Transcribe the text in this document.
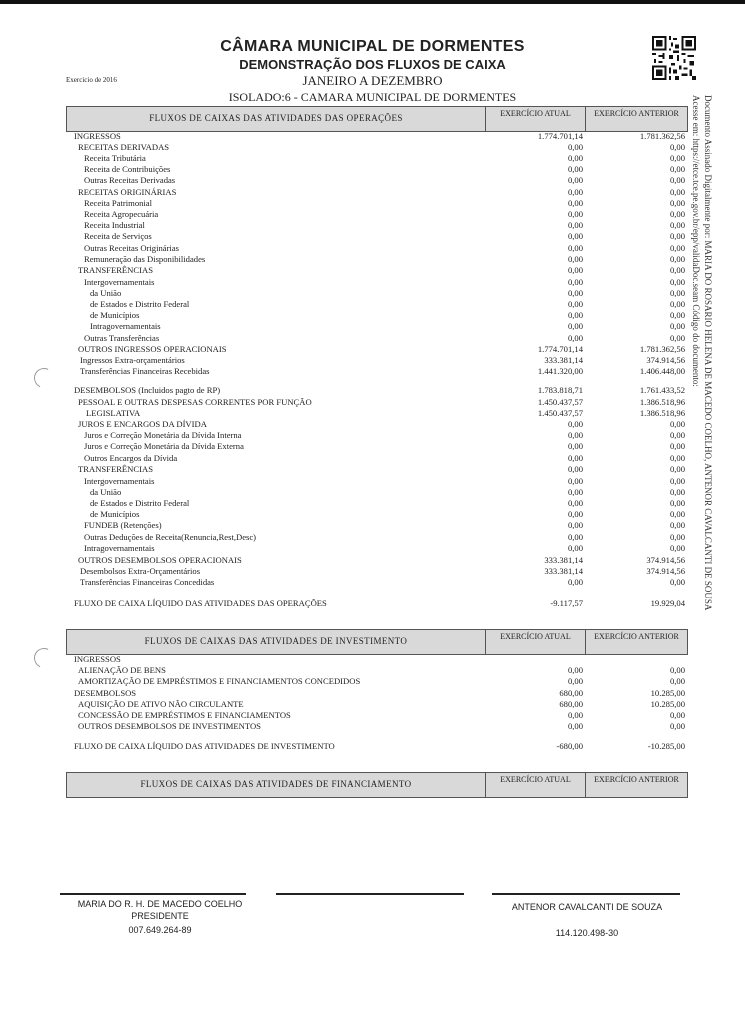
CÂMARA MUNICIPAL DE DORMENTES
DEMONSTRAÇÃO DOS FLUXOS DE CAIXA
JANEIRO A DEZEMBRO
ISOLADO:6 - CAMARA MUNICIPAL DE DORMENTES
Exercicio de 2016
Documento Assinado Digitalmente por: MARIA DO ROSARIO HELENA DE MACEDO COELHO, ANTENOR CAVALCANTI DE SOUSA
Acesse em: https://etce.tce.pe.gov.br/epp/validaDoc.seam Código do documento:
FLUXOS DE CAIXAS DAS ATIVIDADES DAS OPERAÇÕES	EXERCÍCIO ATUAL	EXERCÍCIO ANTERIOR
INGRESSOS	1.774.701,14	1.781.362,56
RECEITAS DERIVADAS	0,00	0,00
Receita Tributária	0,00	0,00
Receita de Contribuições	0,00	0,00
Outras Receitas Derivadas	0,00	0,00
RECEITAS ORIGINÁRIAS	0,00	0,00
Receita Patrimonial	0,00	0,00
Receita Agropecuária	0,00	0,00
Receita Industrial	0,00	0,00
Receita de Serviços	0,00	0,00
Outras Receitas Originárias	0,00	0,00
Remuneração das Disponibilidades	0,00	0,00
TRANSFERÊNCIAS	0,00	0,00
Intergovernamentais	0,00	0,00
da União	0,00	0,00
de Estados e Distrito Federal	0,00	0,00
de Municípios	0,00	0,00
Intragovernamentais	0,00	0,00
Outras Transferências	0,00	0,00
OUTROS INGRESSOS OPERACIONAIS	1.774.701,14	1.781.362,56
Ingressos Extra-orçamentários	333.381,14	374.914,56
Transferências Financeiras Recebidas	1.441.320,00	1.406.448,00
DESEMBOLSOS (Incluidos pagto de RP)	1.783.818,71	1.761.433,52
PESSOAL E OUTRAS DESPESAS CORRENTES POR FUNÇÃO	1.450.437,57	1.386.518,96
LEGISLATIVA	1.450.437,57	1.386.518,96
JUROS E ENCARGOS DA DÍVIDA	0,00	0,00
Juros e Correção Monetária da Dívida Interna	0,00	0,00
Juros e Correção Monetária da Dívida Externa	0,00	0,00
Outros Encargos da Dívida	0,00	0,00
TRANSFERÊNCIAS	0,00	0,00
Intergovernamentais	0,00	0,00
da União	0,00	0,00
de Estados e Distrito Federal	0,00	0,00
de Municípios	0,00	0,00
FUNDEB (Retenções)	0,00	0,00
Outras Deduções de Receita(Renuncia,Rest,Desc)	0,00	0,00
Intragovernamentais	0,00	0,00
OUTROS DESEMBOLSOS OPERACIONAIS	333.381,14	374.914,56
Desembolsos Extra-Orçamentários	333.381,14	374.914,56
Transferências Financeiras Concedidas	0,00	0,00
FLUXO DE CAIXA LÍQUIDO DAS ATIVIDADES DAS OPERAÇÕES	-9.117,57	19.929,04
FLUXOS DE CAIXAS DAS ATIVIDADES DE INVESTIMENTO	EXERCÍCIO ATUAL	EXERCÍCIO ANTERIOR
INGRESSOS
ALIENAÇÃO DE BENS	0,00	0,00
AMORTIZAÇÃO DE EMPRÉSTIMOS E FINANCIAMENTOS CONCEDIDOS	0,00	0,00
DESEMBOLSOS	680,00	10.285,00
AQUISIÇÃO DE ATIVO NÃO CIRCULANTE	680,00	10.285,00
CONCESSÃO DE EMPRÉSTIMOS E FINANCIAMENTOS	0,00	0,00
OUTROS DESEMBOLSOS DE INVESTIMENTOS	0,00	0,00
FLUXO DE CAIXA LÍQUIDO DAS ATIVIDADES DE INVESTIMENTO	-680,00	-10.285,00
FLUXOS DE CAIXAS DAS ATIVIDADES DE FINANCIAMENTO	EXERCÍCIO ATUAL	EXERCÍCIO ANTERIOR
MARIA DO R. H. DE MACEDO COELHO
PRESIDENTE
007.649.264-89
ANTENOR CAVALCANTI DE SOUZA
114.120.498-30
